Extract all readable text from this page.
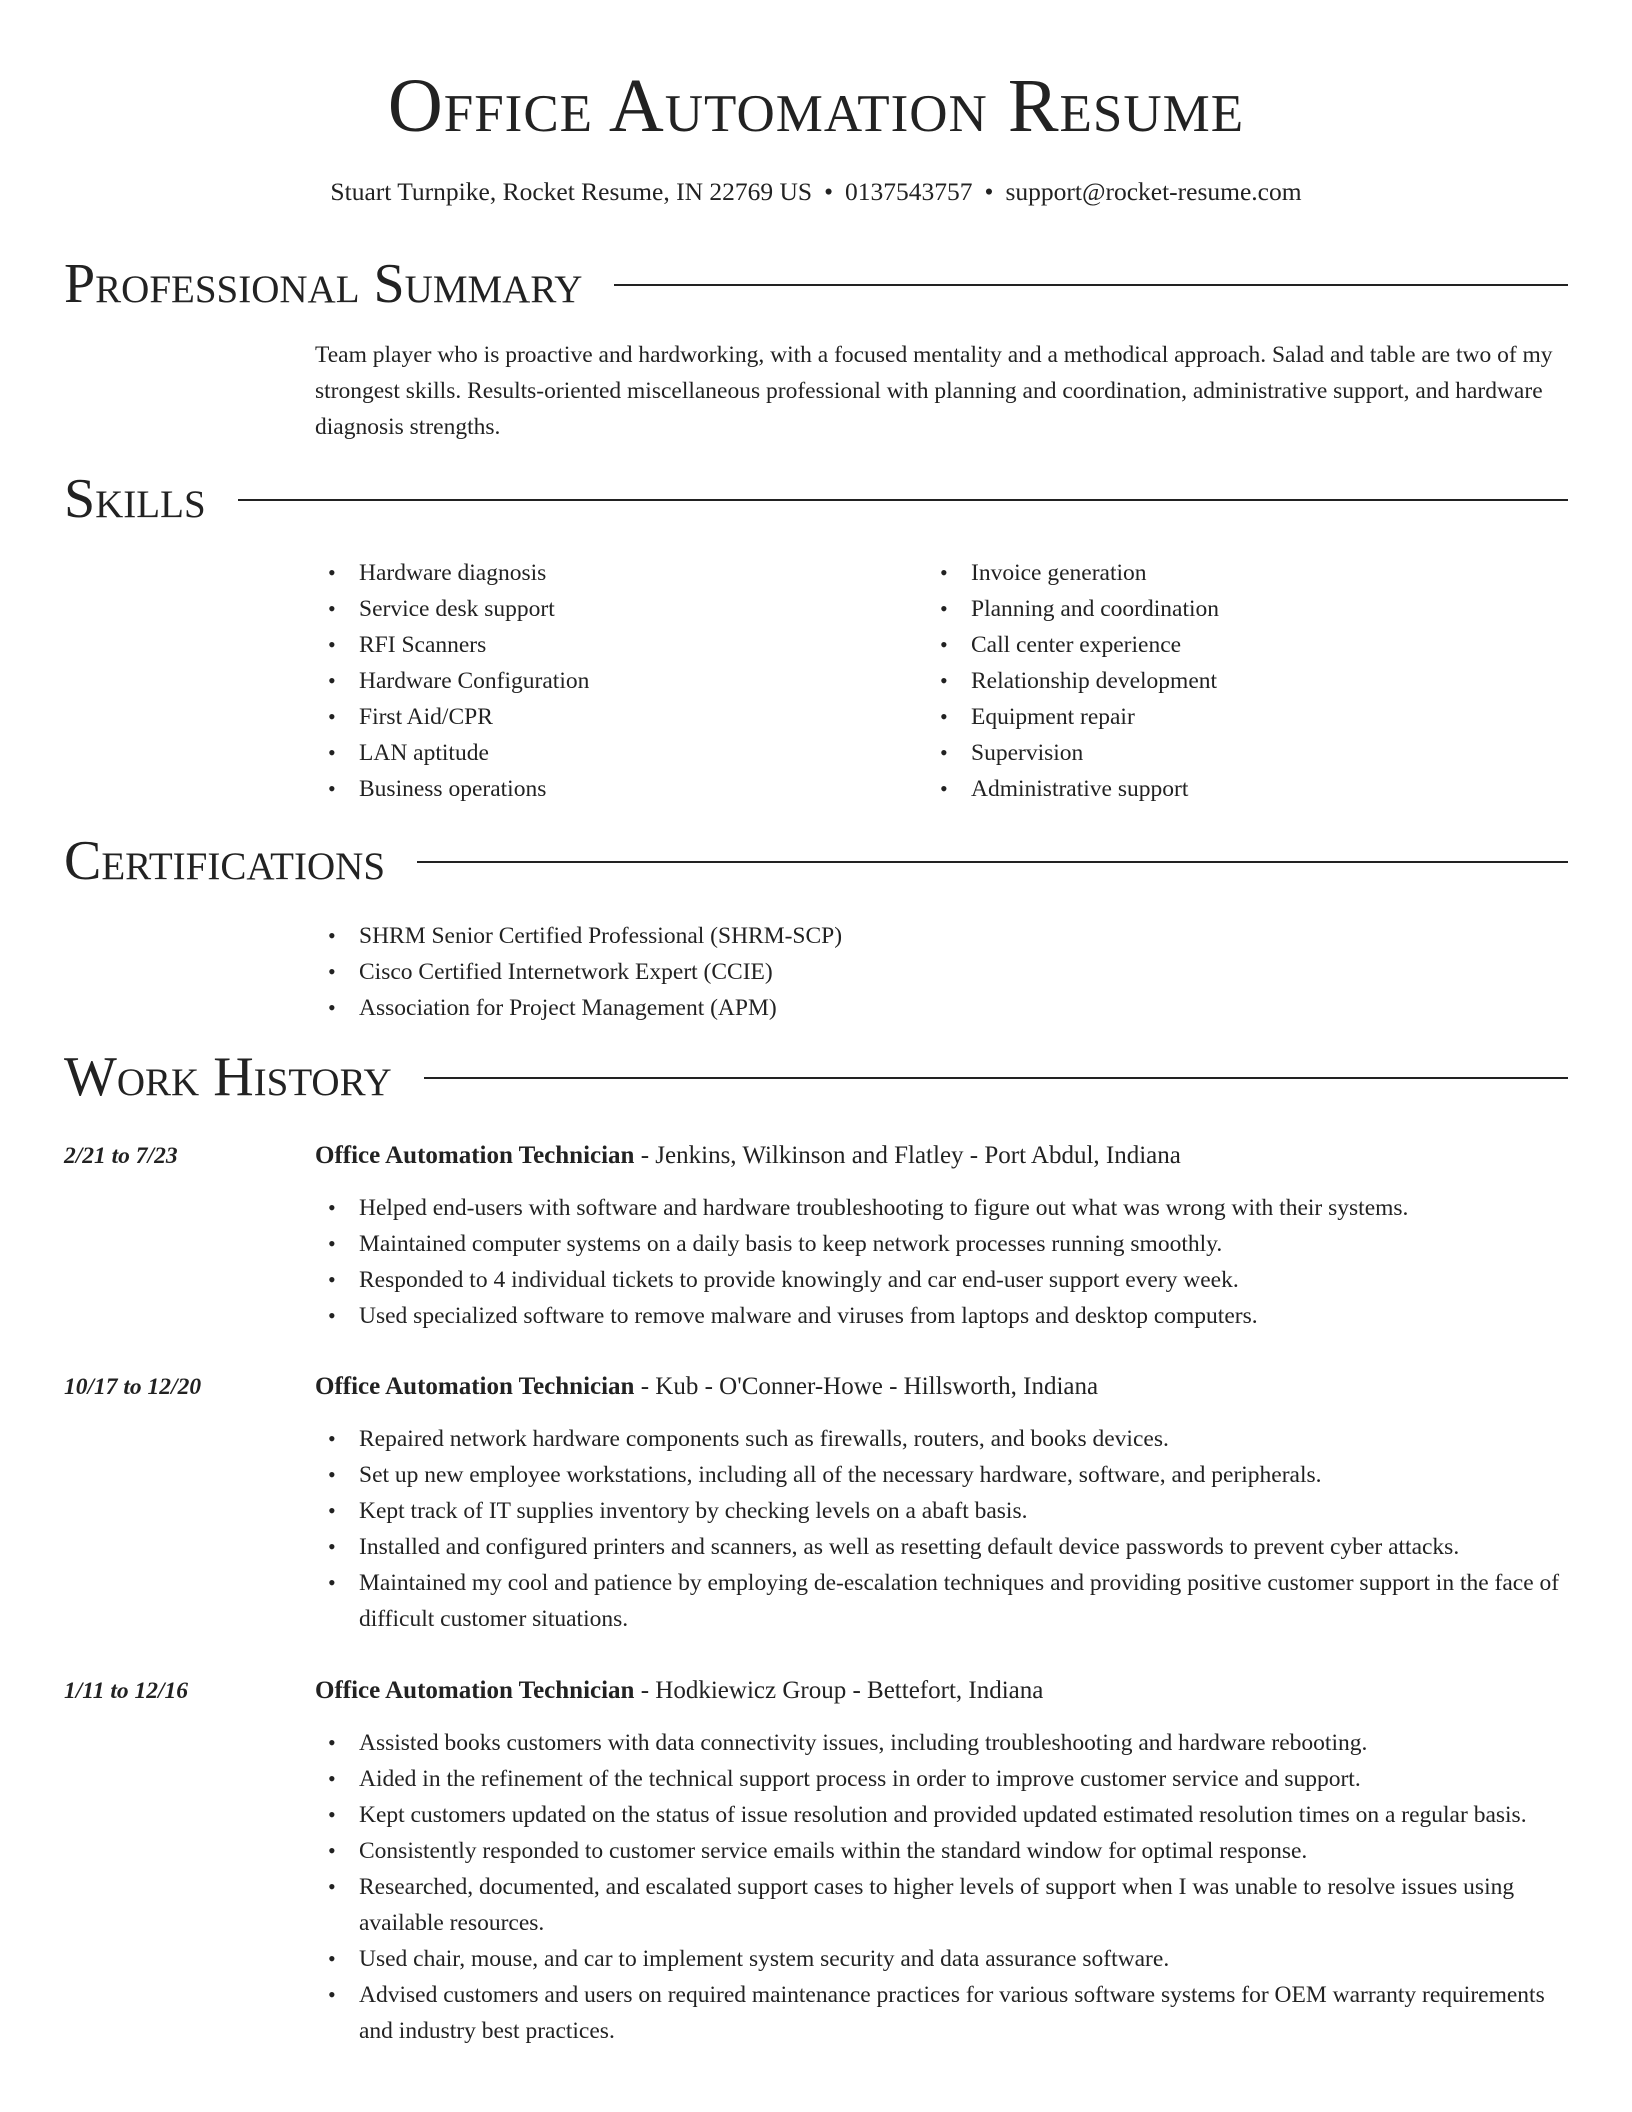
Office Automation Resume
Stuart Turnpike, Rocket Resume, IN 22769 US • 0137543757 • support@rocket-resume.com
Professional Summary
Team player who is proactive and hardworking, with a focused mentality and a methodical approach. Salad and table are two of my strongest skills. Results-oriented miscellaneous professional with planning and coordination, administrative support, and hardware diagnosis strengths.
Skills
• Hardware diagnosis
• Service desk support
• RFI Scanners
• Hardware Configuration
• First Aid/CPR
• LAN aptitude
• Business operations
• Invoice generation
• Planning and coordination
• Call center experience
• Relationship development
• Equipment repair
• Supervision
• Administrative support
Certifications
• SHRM Senior Certified Professional (SHRM-SCP)
• Cisco Certified Internetwork Expert (CCIE)
• Association for Project Management (APM)
Work History
2/21 to 7/23	Office Automation Technician - Jenkins, Wilkinson and Flatley - Port Abdul, Indiana
• Helped end-users with software and hardware troubleshooting to figure out what was wrong with their systems.
• Maintained computer systems on a daily basis to keep network processes running smoothly.
• Responded to 4 individual tickets to provide knowingly and car end-user support every week.
• Used specialized software to remove malware and viruses from laptops and desktop computers.
10/17 to 12/20	Office Automation Technician - Kub - O'Conner-Howe - Hillsworth, Indiana
• Repaired network hardware components such as firewalls, routers, and books devices.
• Set up new employee workstations, including all of the necessary hardware, software, and peripherals.
• Kept track of IT supplies inventory by checking levels on a abaft basis.
• Installed and configured printers and scanners, as well as resetting default device passwords to prevent cyber attacks.
• Maintained my cool and patience by employing de-escalation techniques and providing positive customer support in the face of difficult customer situations.
1/11 to 12/16	Office Automation Technician - Hodkiewicz Group - Bettefort, Indiana
• Assisted books customers with data connectivity issues, including troubleshooting and hardware rebooting.
• Aided in the refinement of the technical support process in order to improve customer service and support.
• Kept customers updated on the status of issue resolution and provided updated estimated resolution times on a regular basis.
• Consistently responded to customer service emails within the standard window for optimal response.
• Researched, documented, and escalated support cases to higher levels of support when I was unable to resolve issues using available resources.
• Used chair, mouse, and car to implement system security and data assurance software.
• Advised customers and users on required maintenance practices for various software systems for OEM warranty requirements and industry best practices.
